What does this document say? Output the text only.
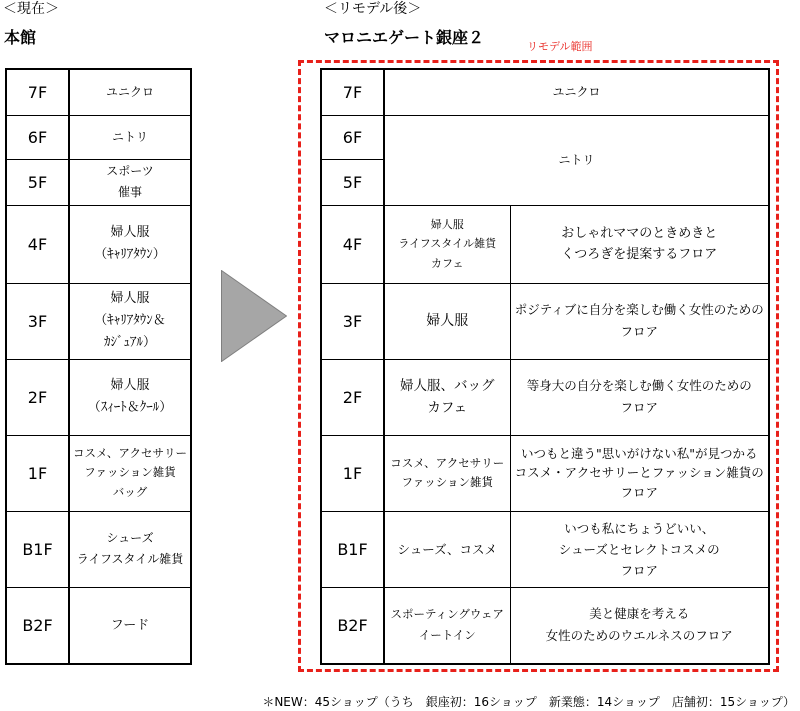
＜現在＞
本館
7F	ユニクロ
6F	ニトリ
5F	スポーツ
催事
4F	婦人服
（ｷｬﾘｱﾀｳﾝ）
3F	婦人服
（ｷｬﾘｱﾀｳﾝ＆
ｶｼﾞｭｱﾙ）
2F	婦人服
（ｽｨｰﾄ＆ｸｰﾙ）
1F	コスメ、アクセサリー
ファッション雑貨
バッグ
B1F	シューズ
ライフスタイル雑貨
B2F	フード
＜リモデル後＞
マロニエゲート銀座２	リモデル範囲
7F	ユニクロ	
6F	ニトリ	
5F		
4F	婦人服
ライフスタイル雑貨
カフェ	おしゃれママのときめきと
くつろぎを提案するフロア
3F	婦人服	ポジティブに自分を楽しむ働く女性のための
フロア
2F	婦人服、バッグ
カフェ	等身大の自分を楽しむ働く女性のための
フロア
1F	コスメ、アクセサリー
ファッション雑貨	いつもと違う"思いがけない私"が見つかる
コスメ・アクセサリーとファッション雑貨の
フロア
B1F	シューズ、コスメ	いつも私にちょうどいい、
シューズとセレクトコスメの
フロア
B2F	スポーティングウェア
イートイン	美と健康を考える
女性のためのウエルネスのフロア
＊NEW：45ショップ（うち　銀座初：16ショップ　新業態：14ショップ　店舗初：15ショップ）
